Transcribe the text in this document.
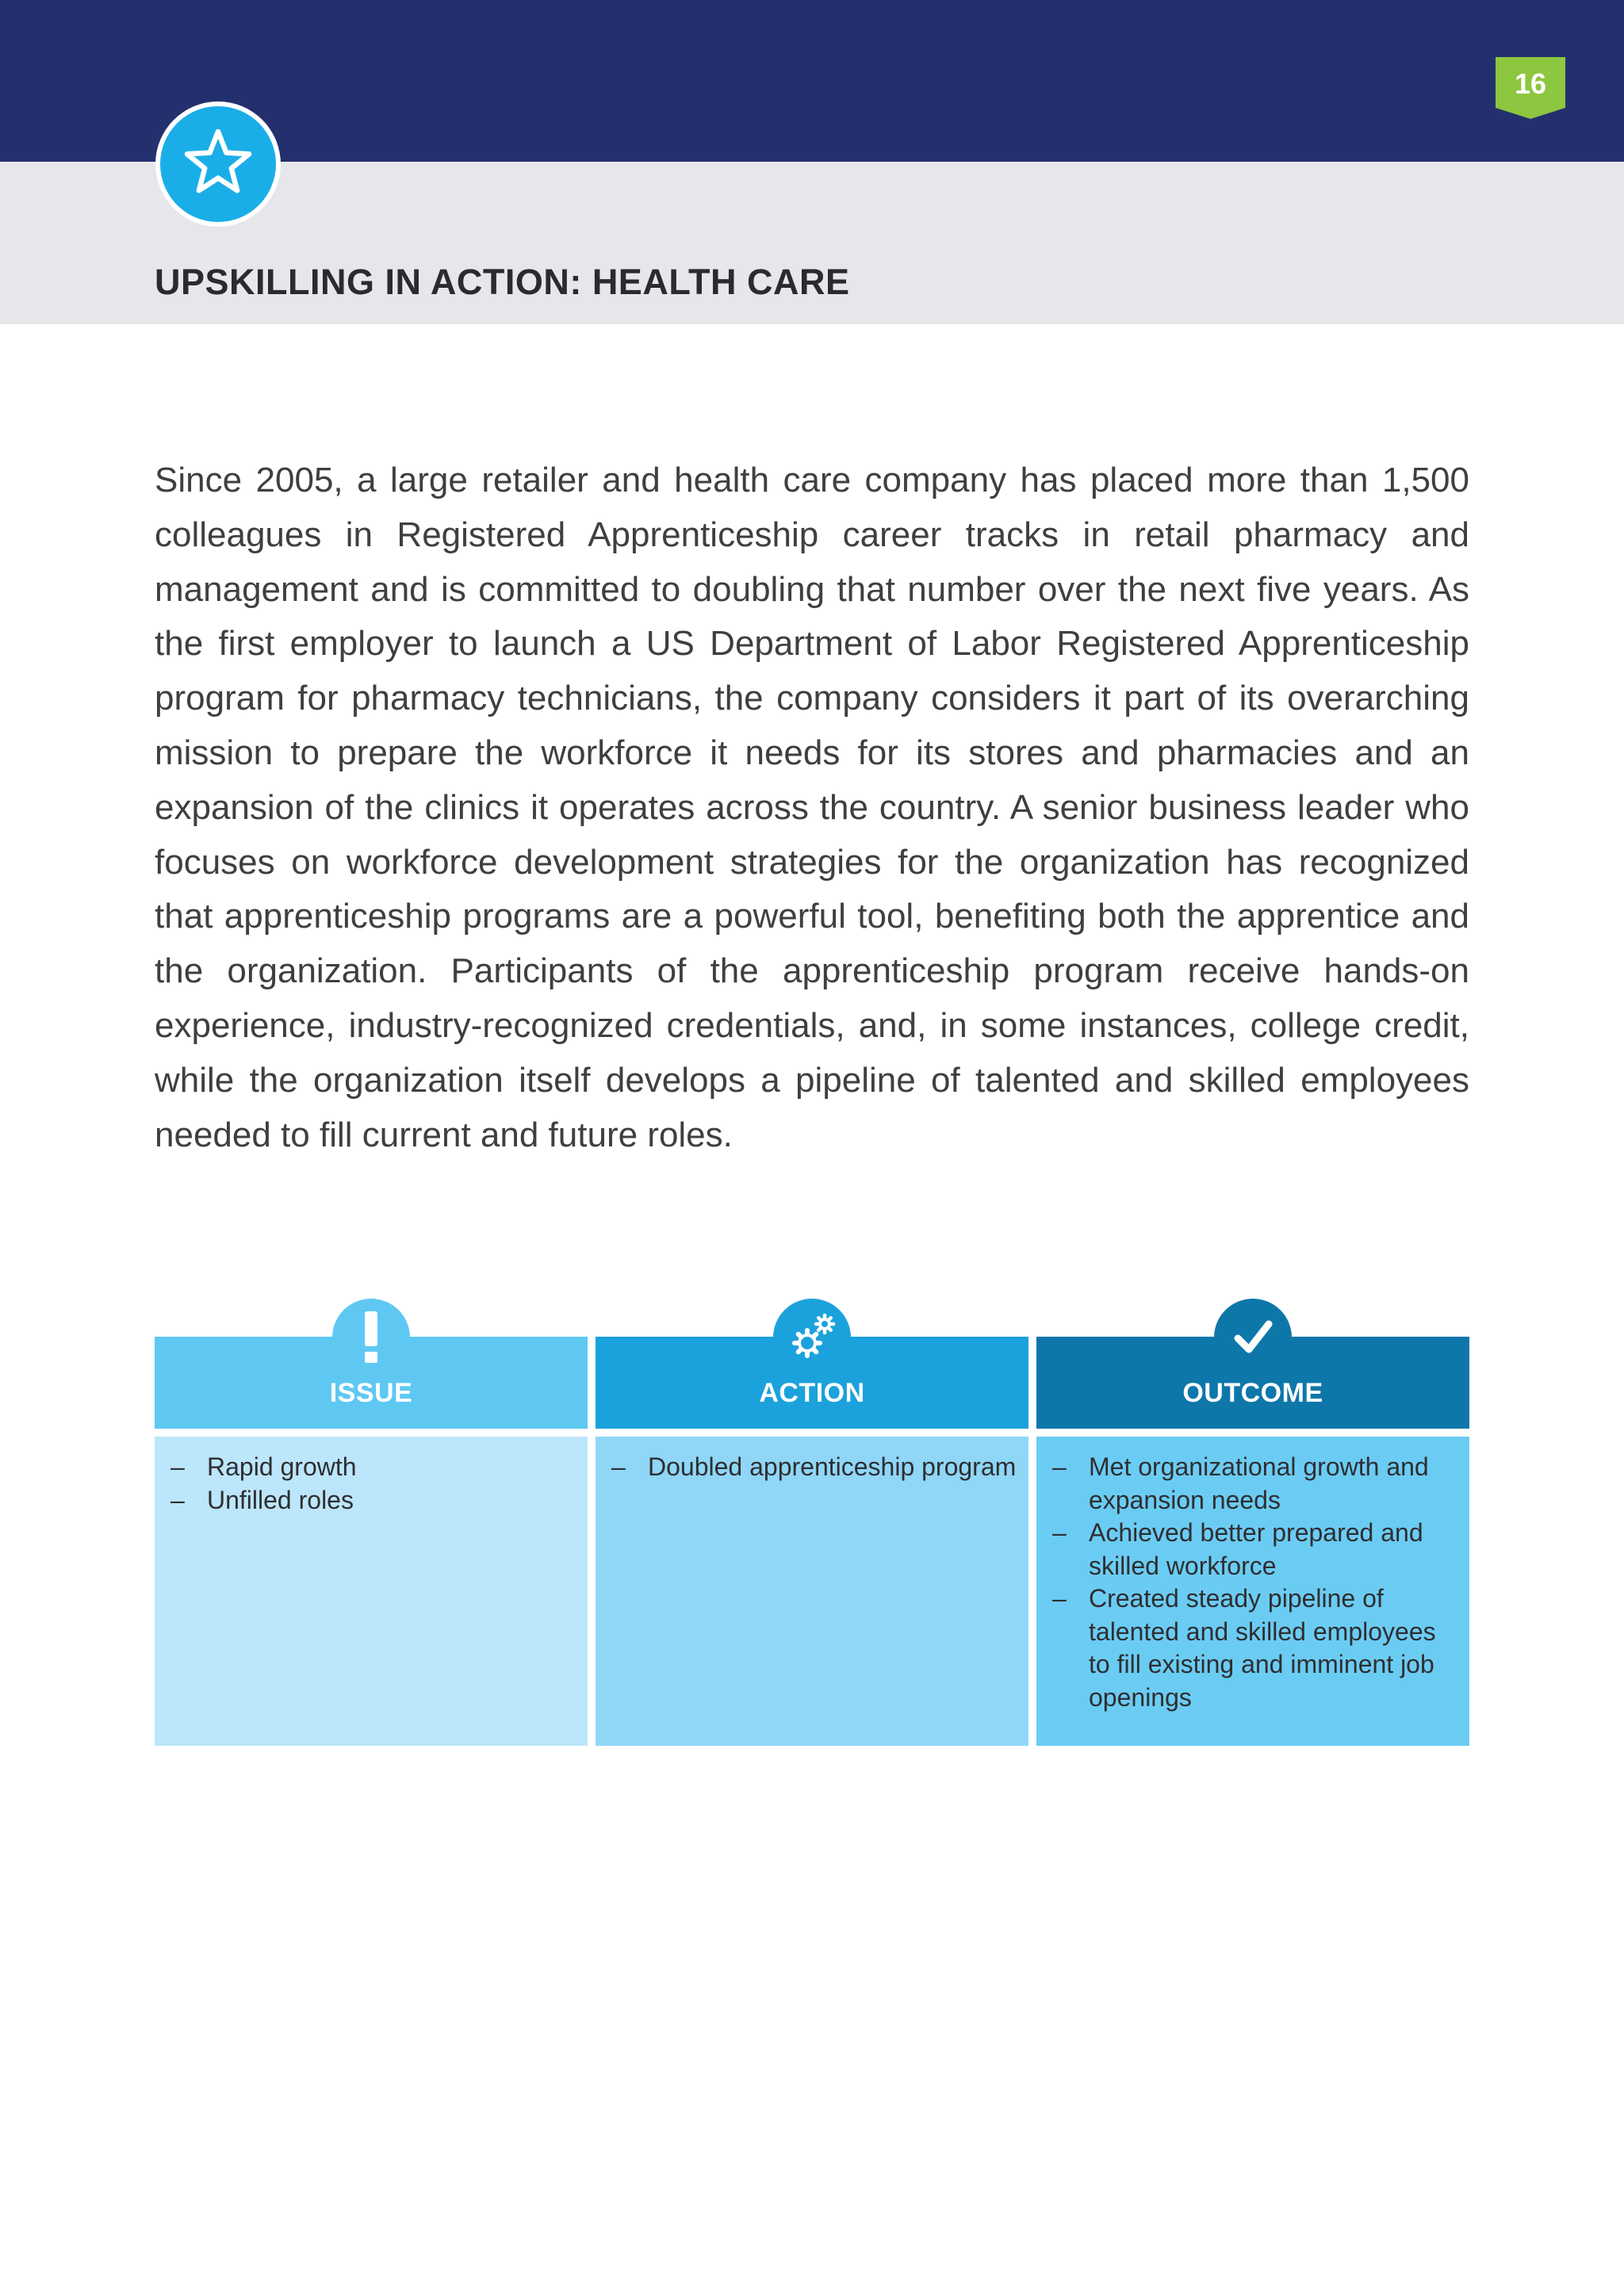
16
UPSKILLING IN ACTION: HEALTH CARE

Since 2005, a large retailer and health care company has placed more than 1,500 colleagues in Registered Apprenticeship career tracks in retail pharmacy and management and is committed to doubling that number over the next five years. As the first employer to launch a US Department of Labor Registered Apprenticeship program for pharmacy technicians, the company considers it part of its overarching mission to prepare the workforce it needs for its stores and pharmacies and an expansion of the clinics it operates across the country. A senior business leader who focuses on workforce development strategies for the organization has recognized that apprenticeship programs are a powerful tool, benefiting both the apprentice and the organization. Participants of the apprenticeship program receive hands-on experience, industry-recognized credentials, and, in some instances, college credit, while the organization itself develops a pipeline of talented and skilled employees needed to fill current and future roles.

ISSUE
– Rapid growth
– Unfilled roles
ACTION
– Doubled apprenticeship program
OUTCOME
– Met organizational growth and expansion needs
– Achieved better prepared and skilled workforce
– Created steady pipeline of talented and skilled employees to fill existing and imminent job openings
